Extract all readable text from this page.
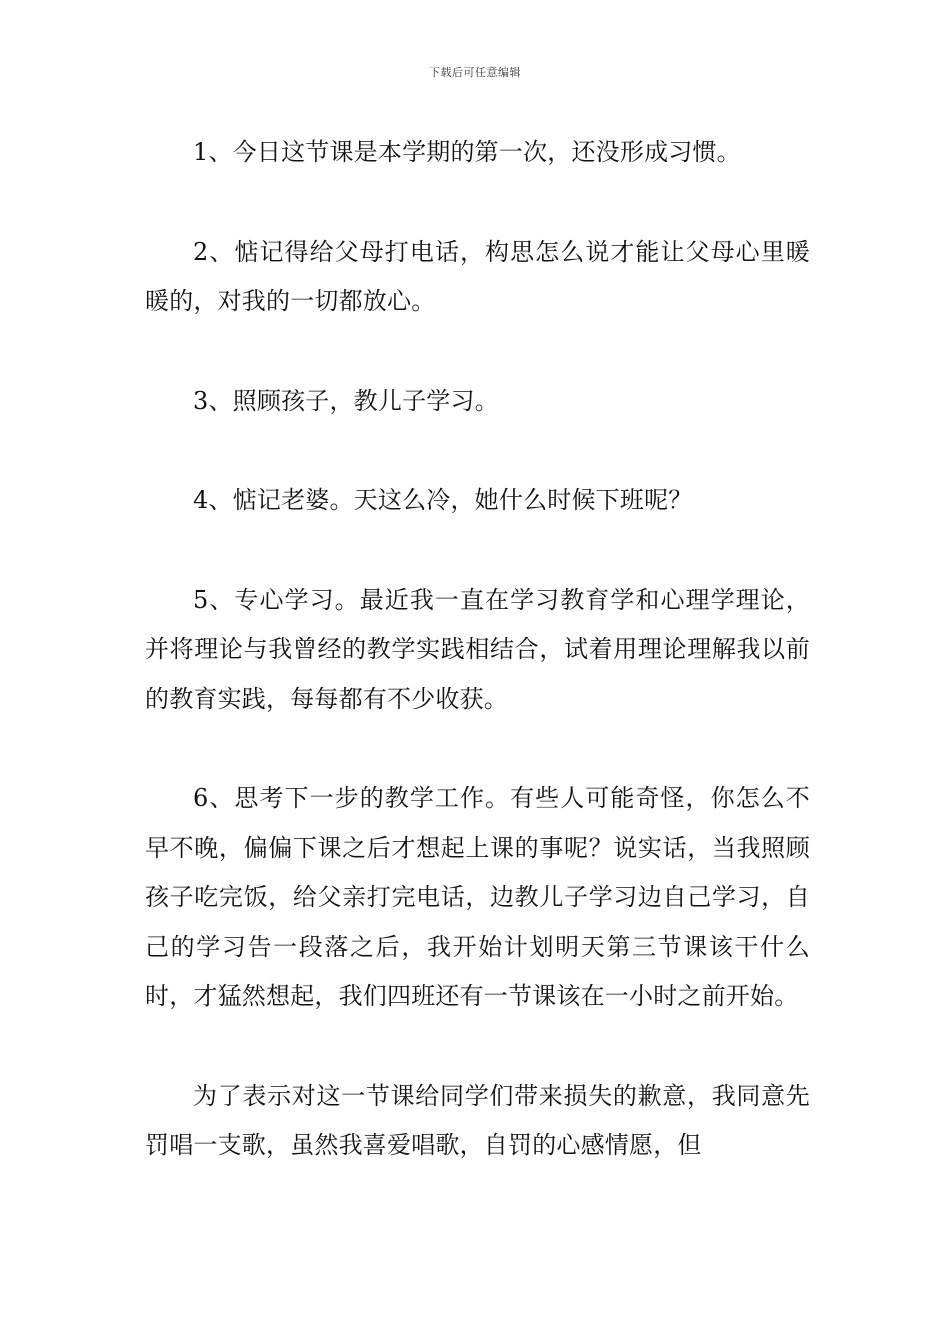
下载后可任意编辑

1、今日这节课是本学期的第一次，还没形成习惯。

2、惦记得给父母打电话，构思怎么说才能让父母心里暖暖的，对我的一切都放心。

3、照顾孩子，教儿子学习。

4、惦记老婆。天这么冷，她什么时候下班呢？

5、专心学习。最近我一直在学习教育学和心理学理论，并将理论与我曾经的教学实践相结合，试着用理论理解我以前的教育实践，每每都有不少收获。

6、思考下一步的教学工作。有些人可能奇怪，你怎么不早不晚，偏偏下课之后才想起上课的事呢？说实话，当我照顾孩子吃完饭，给父亲打完电话，边教儿子学习边自己学习，自己的学习告一段落之后，我开始计划明天第三节课该干什么时，才猛然想起，我们四班还有一节课该在一小时之前开始。

为了表示对这一节课给同学们带来损失的歉意，我同意先罚唱一支歌，虽然我喜爱唱歌，自罚的心感情愿，但
